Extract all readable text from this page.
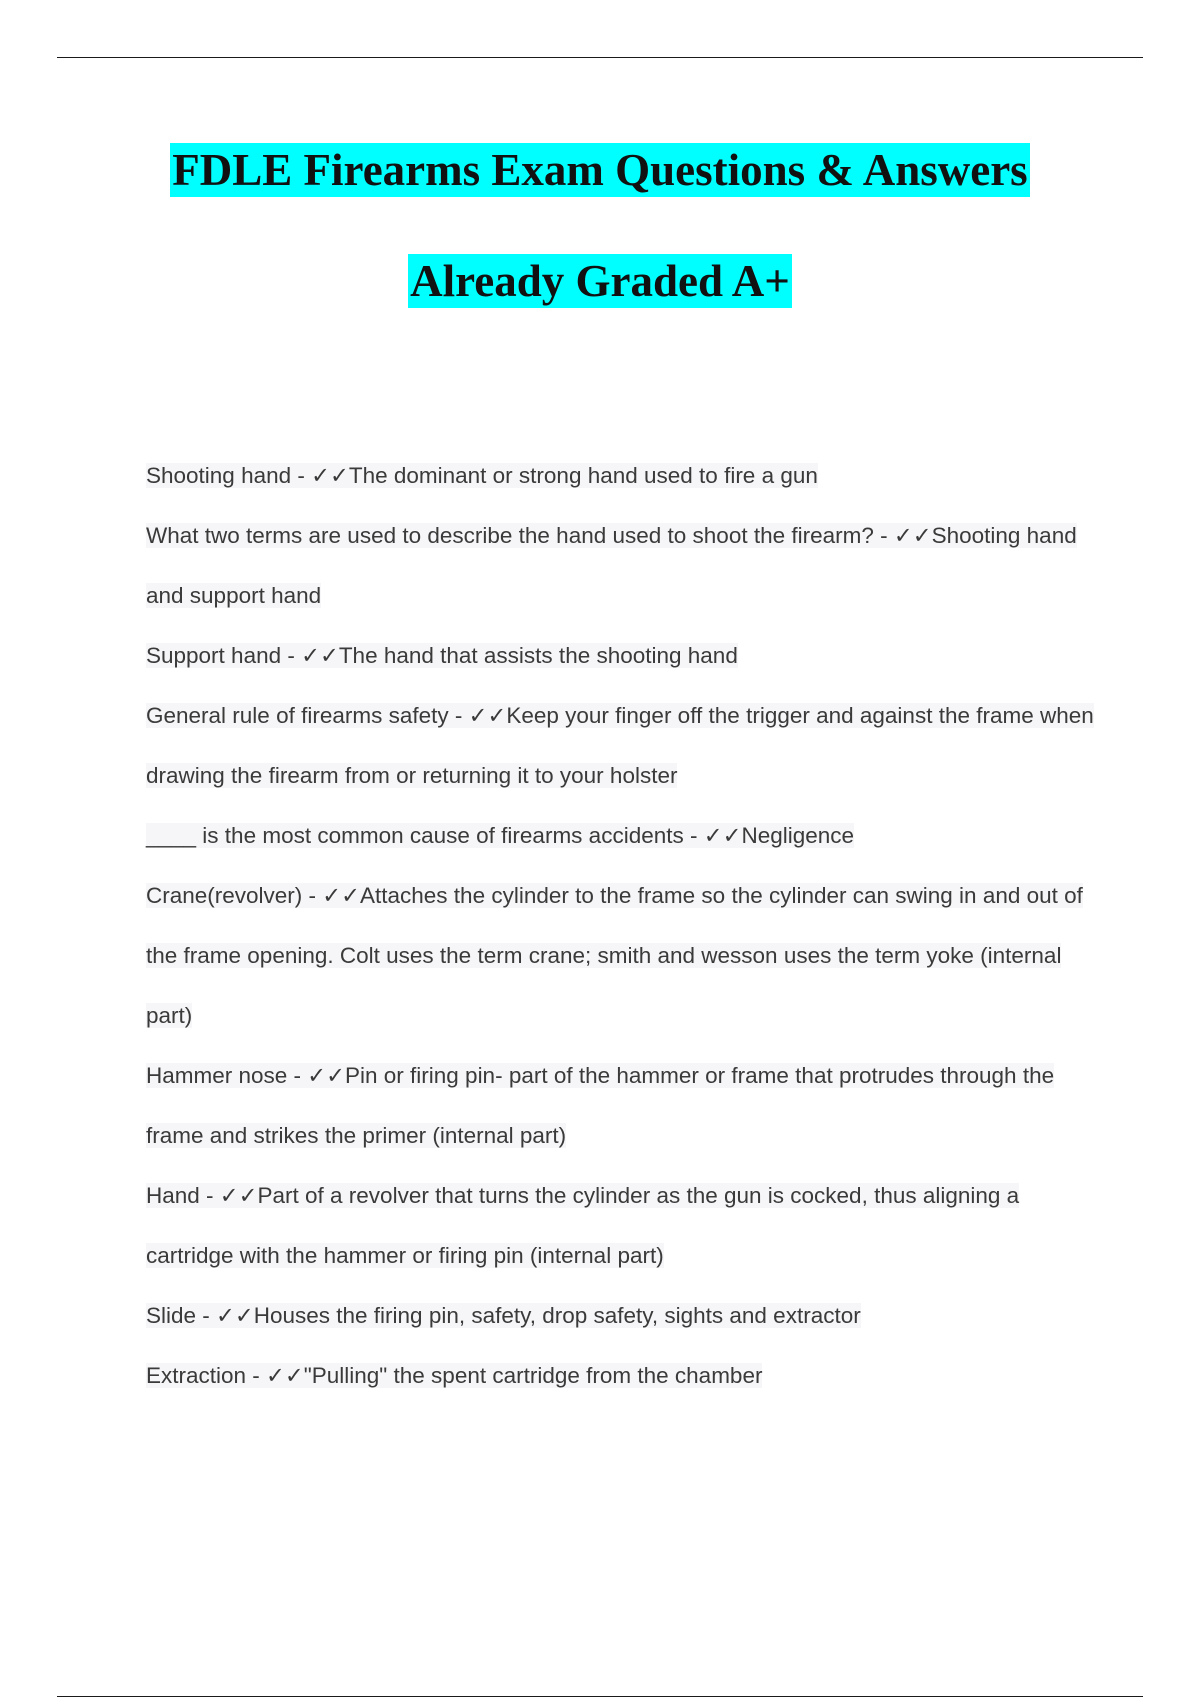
FDLE Firearms Exam Questions & Answers
Already Graded A+

Shooting hand - ✓✓The dominant or strong hand used to fire a gun

What two terms are used to describe the hand used to shoot the firearm? - ✓✓Shooting hand and support hand

Support hand - ✓✓The hand that assists the shooting hand

General rule of firearms safety - ✓✓Keep your finger off the trigger and against the frame when drawing the firearm from or returning it to your holster

____ is the most common cause of firearms accidents - ✓✓Negligence

Crane(revolver) - ✓✓Attaches the cylinder to the frame so the cylinder can swing in and out of the frame opening. Colt uses the term crane; smith and wesson uses the term yoke (internal part)

Hammer nose - ✓✓Pin or firing pin- part of the hammer or frame that protrudes through the frame and strikes the primer (internal part)

Hand - ✓✓Part of a revolver that turns the cylinder as the gun is cocked, thus aligning a cartridge with the hammer or firing pin (internal part)

Slide - ✓✓Houses the firing pin, safety, drop safety, sights and extractor

Extraction - ✓✓"Pulling" the spent cartridge from the chamber
